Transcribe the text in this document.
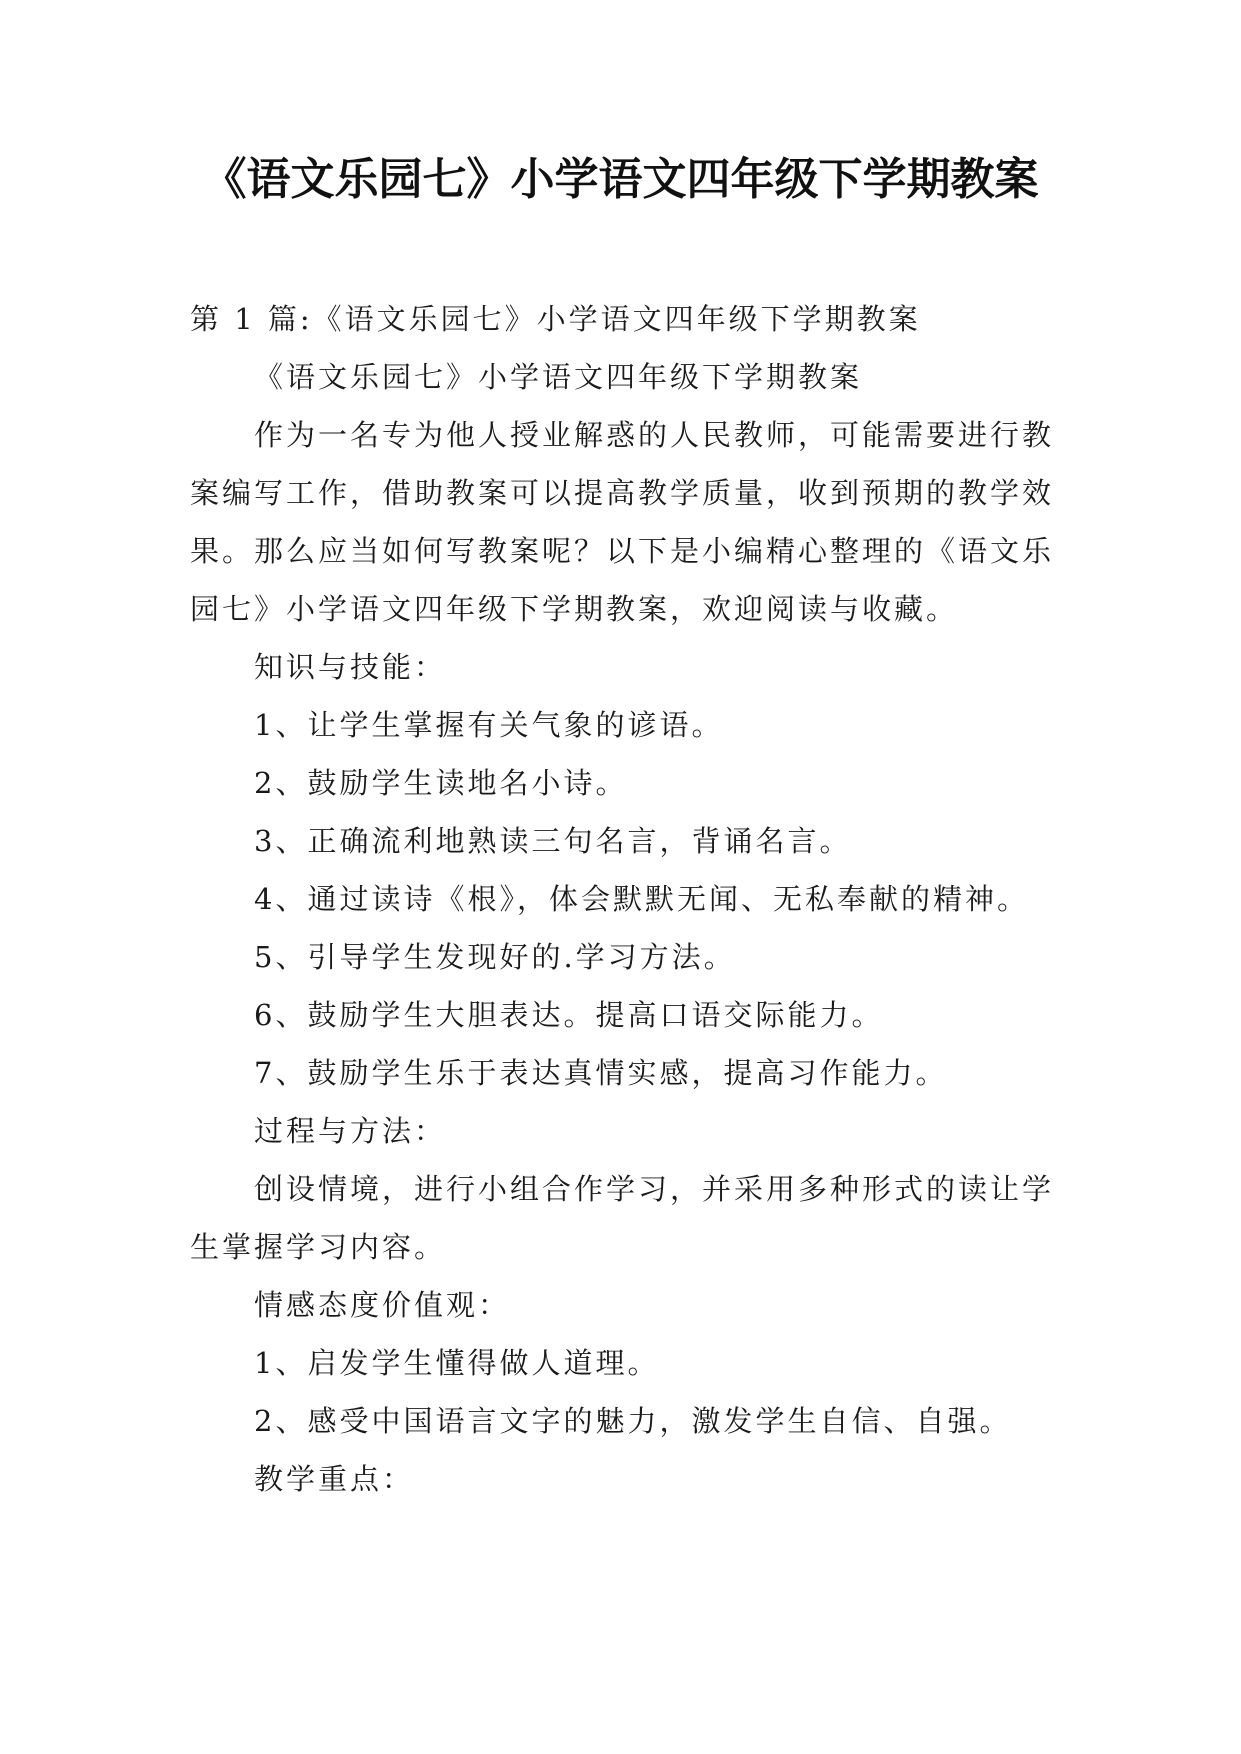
《语文乐园七》小学语文四年级下学期教案

第 1 篇:《语文乐园七》小学语文四年级下学期教案

《语文乐园七》小学语文四年级下学期教案

作为一名专为他人授业解惑的人民教师，可能需要进行教案编写工作，借助教案可以提高教学质量，收到预期的教学效果。那么应当如何写教案呢？以下是小编精心整理的《语文乐园七》小学语文四年级下学期教案，欢迎阅读与收藏。

知识与技能：

1、让学生掌握有关气象的谚语。

2、鼓励学生读地名小诗。

3、正确流利地熟读三句名言，背诵名言。

4、通过读诗《根》，体会默默无闻、无私奉献的精神。

5、引导学生发现好的.学习方法。

6、鼓励学生大胆表达。提高口语交际能力。

7、鼓励学生乐于表达真情实感，提高习作能力。

过程与方法：

创设情境，进行小组合作学习，并采用多种形式的读让学生掌握学习内容。

情感态度价值观：

1、启发学生懂得做人道理。

2、感受中国语言文字的魅力，激发学生自信、自强。

教学重点：
